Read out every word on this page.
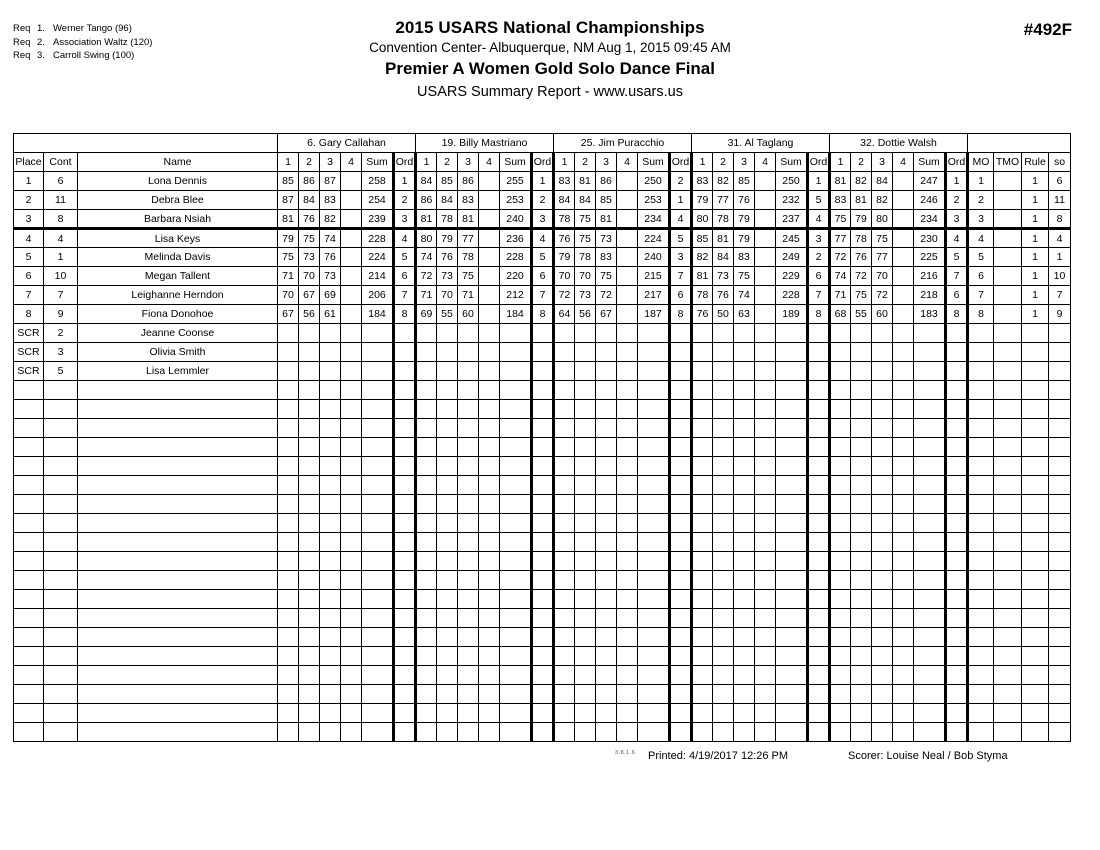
Req 1. Werner Tango (96)
Req 2. Association Waltz (120)
Req 3. Carroll Swing (100)
2015 USARS National Championships
Convention Center- Albuquerque, NM Aug 1, 2015 09:45 AM
Premier A Women Gold Solo Dance Final
USARS Summary Report - www.usars.us
#492F
			6. Gary Callahan						19. Billy Mastriano						25. Jim Puracchio						31. Al Taglang						32. Dottie Walsh									
Place	Cont	Name	1	2	3	4	Sum	Ord	1	2	3	4	Sum	Ord	1	2	3	4	Sum	Ord	1	2	3	4	Sum	Ord	1	2	3	4	Sum	Ord	MO	TMO	Rule	so
1	6	Lona Dennis	85	86	87		258	1	84	85	86		255	1	83	81	86		250	2	83	82	85		250	1	81	82	84		247	1	1		1	6
2	11	Debra Blee	87	84	83		254	2	86	84	83		253	2	84	84	85		253	1	79	77	76		232	5	83	81	82		246	2	2		1	11
3	8	Barbara Nsiah	81	76	82		239	3	81	78	81		240	3	78	75	81		234	4	80	78	79		237	4	75	79	80		234	3	3		1	8
4	4	Lisa Keys	79	75	74		228	4	80	79	77		236	4	76	75	73		224	5	85	81	79		245	3	77	78	75		230	4	4		1	4
5	1	Melinda Davis	75	73	76		224	5	74	76	78		228	5	79	78	83		240	3	82	84	83		249	2	72	76	77		225	5	5		1	1
6	10	Megan Tallent	71	70	73		214	6	72	73	75		220	6	70	70	75		215	7	81	73	75		229	6	74	72	70		216	7	6		1	10
7	7	Leighanne Herndon	70	67	69		206	7	71	70	71		212	7	72	73	72		217	6	78	76	74		228	7	71	75	72		218	6	7		1	7
8	9	Fiona Donohoe	67	56	61		184	8	69	55	60		184	8	64	56	67		187	8	76	50	63		189	8	68	55	60		183	8	8		1	9
SCR	2	Jeanne Coonse																																		
SCR	3	Olivia Smith																																		
SCR	5	Lisa Lemmler																																		

3.8.1.6 Printed: 4/19/2017 12:26 PM	Scorer: Louise Neal / Bob Styma
